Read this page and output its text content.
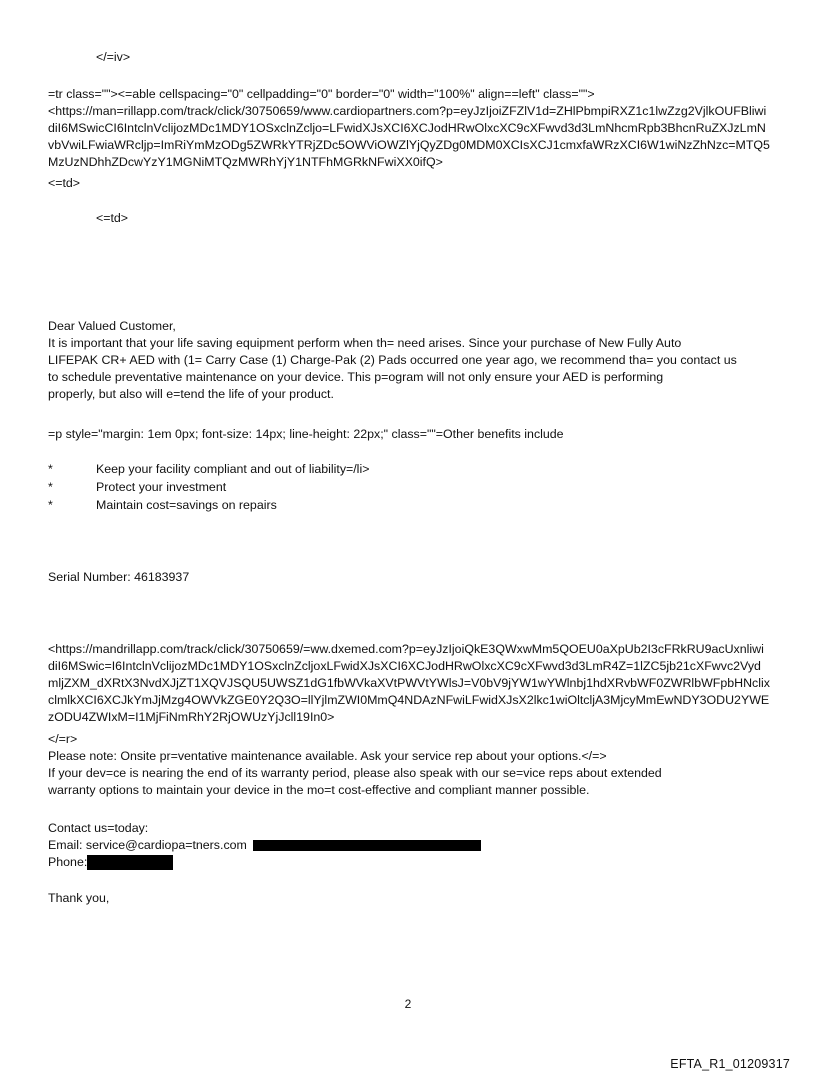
</=iv>
=tr class=""><=able cellspacing="0" cellpadding="0" border="0" width="100%" align==left" class="">
<https://man=rillapp.com/track/click/30750659/www.cardiopartners.com?p=eyJzIjoiZFZlV1d=ZHlPbmpiRXZ1c1lwZzg2VjlkOUFBliwidiI6MSwicCI6IntclnVclijozMDc1MDY1OSxclnZcljo=LFwidXJsXCI6XCJodHRwOlxcXC9cXFwvd3d3LmNhcmRpb3BhcnRuZXJzLmNvbVwiLFwiaWRcljp=ImRiYmMzODg5ZWRkYTRjZDc5OWViOWZlYjQyZDg0MDM0XCIsXCJ1cmxfaWRzXCI6W1wiNzZhNzc=MTQ5MzUzNDhhZDcwYzY1MGNiMTQzMWRhYjY1NTFhMGRkNFwiXX0ifQ>
<=td>
<=td>
Dear Valued Customer,
It is important that your life saving equipment perform when th= need arises. Since your purchase of New Fully Auto
LIFEPAK CR+ AED with (1= Carry Case (1) Charge-Pak (2) Pads occurred one year ago, we recommend tha= you contact us
to schedule preventative maintenance on your device. This p=ogram will not only ensure your AED is performing
properly, but also will e=tend the life of your product.
=p style="margin: 1em 0px; font-size: 14px; line-height: 22px;" class=""=Other benefits include
*	Keep your facility compliant and out of liability=/li>
*	Protect your investment
*	Maintain cost=savings on repairs
Serial Number: 46183937
<https://mandrillapp.com/track/click/30750659/=ww.dxemed.com?p=eyJzIjoiQkE3QWxwMm5QOEU0aXpUb2I3cFRkRU9acUxnliwidiI6MSwic=I6IntclnVclijozMDc1MDY1OSxclnZcljoxLFwidXJsXCI6XCJodHRwOlxcXC9cXFwvd3d3LmR4Z=1lZC5jb21cXFwvc2VydmljZXM_dXRtX3NvdXJjZT1XQVJSQU5UWSZ1dG1fbWVkaXVtPWVtYWlsJ=V0bV9jYW1wYWlnbj1hdXRvbWF0ZWRlbWFpbHNclixclmlkXCI6XCJkYmJjMzg4OWVkZGE0Y2Q3O=llYjlmZWI0MmQ4NDAzNFwiLFwidXJsX2lkc1wiOltcljA3MjcyMmEwNDY3ODU2YWEzODU4ZWIxM=I1MjFiNmRhY2RjOWUzYjJcll19In0>
</=r>
Please note: Onsite pr=ventative maintenance available. Ask your service rep about your options.</=>
If your dev=ce is nearing the end of its warranty period, please also speak with our se=vice reps about extended
warranty options to maintain your device in the mo=t cost-effective and compliant manner possible.
Contact us=today:
Email: service@cardiopa=tners.com
Phone:
Thank you,
2
EFTA_R1_01209317
